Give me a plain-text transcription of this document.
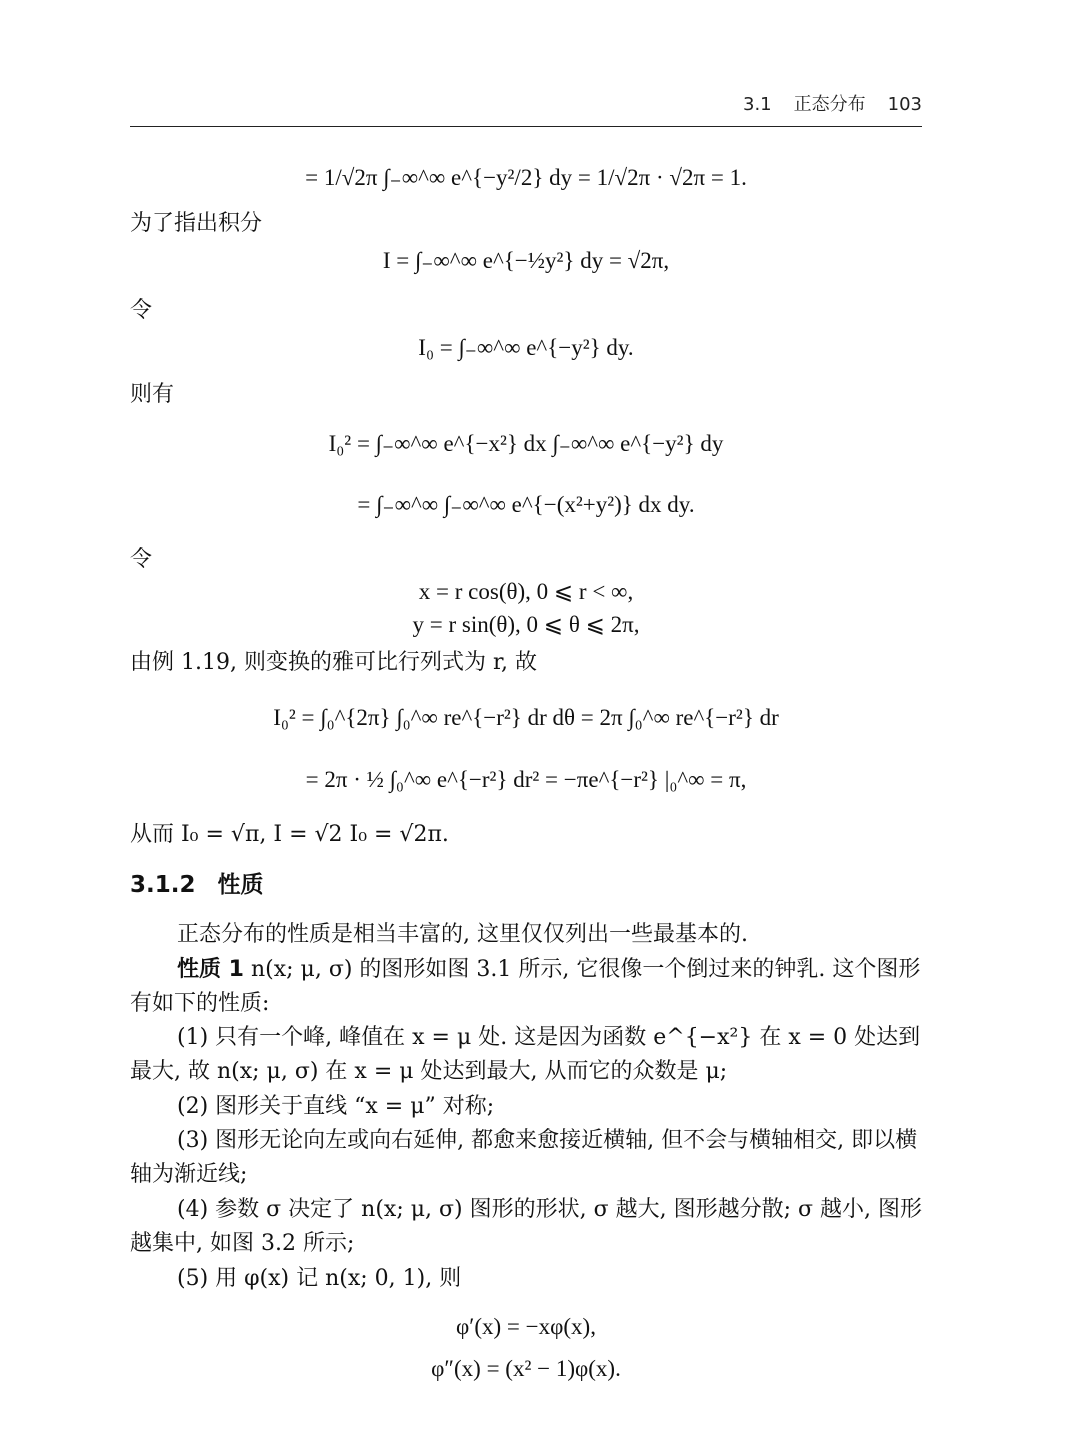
3.1 正态分布 103
= 1/√2π ∫₋∞^∞ e^{−y²/2} dy = 1/√2π · √2π = 1.
为了指出积分
I = ∫₋∞^∞ e^{−½y²} dy = √2π,
令
I₀ = ∫₋∞^∞ e^{−y²} dy.
则有
I₀² = ∫₋∞^∞ e^{−x²} dx ∫₋∞^∞ e^{−y²} dy
= ∫₋∞^∞ ∫₋∞^∞ e^{−(x²+y²)} dx dy.
令
x = r cos(θ), 0 ⩽ r < ∞,
y = r sin(θ), 0 ⩽ θ ⩽ 2π,
由例 1.19, 则变换的雅可比行列式为 r, 故
I₀² = ∫₀^{2π} ∫₀^∞ re^{−r²} dr dθ = 2π ∫₀^∞ re^{−r²} dr
= 2π · ½ ∫₀^∞ e^{−r²} dr² = −πe^{−r²} |₀^∞ = π,
从而 I₀ = √π, I = √2 I₀ = √2π.
3.1.2 性质
正态分布的性质是相当丰富的, 这里仅仅列出一些最基本的.
性质 1 n(x; μ, σ) 的图形如图 3.1 所示, 它很像一个倒过来的钟乳. 这个图形有如下的性质:
(1) 只有一个峰, 峰值在 x = μ 处. 这是因为函数 e^{−x²} 在 x = 0 处达到最大, 故 n(x; μ, σ) 在 x = μ 处达到最大, 从而它的众数是 μ;
(2) 图形关于直线 “x = μ” 对称;
(3) 图形无论向左或向右延伸, 都愈来愈接近横轴, 但不会与横轴相交, 即以横轴为渐近线;
(4) 参数 σ 决定了 n(x; μ, σ) 图形的形状, σ 越大, 图形越分散; σ 越小, 图形越集中, 如图 3.2 所示;
(5) 用 φ(x) 记 n(x; 0, 1), 则
φ′(x) = −xφ(x),
φ″(x) = (x² − 1)φ(x).
